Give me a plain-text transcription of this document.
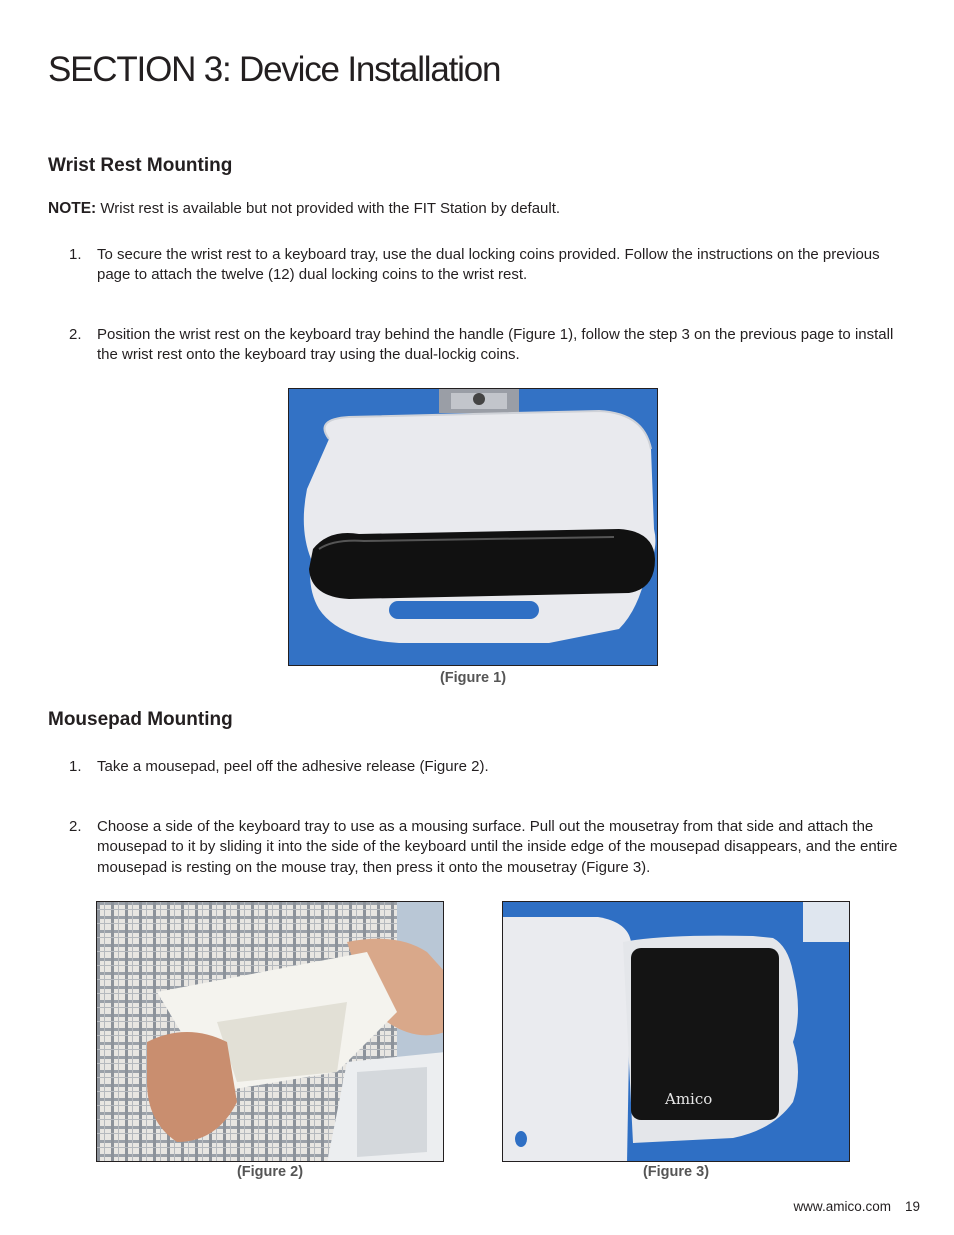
SECTION 3: Device Installation
Wrist Rest Mounting

NOTE: Wrist rest is available but not provided with the FIT Station by default.

1.	To secure the wrist rest to a keyboard tray, use the dual locking coins provided. Follow the instructions on the previous page to attach the twelve (12) dual locking coins to the wrist rest.
2.	Position the wrist rest on the keyboard tray behind the handle (Figure 1), follow the step 3 on the previous page to install the wrist rest onto the keyboard tray using the dual-lockig coins.
(Figure 1)
Mousepad Mounting
1.	Take a mousepad, peel off the adhesive release (Figure 2).
2.	Choose a side of the keyboard tray to use as a mousing surface. Pull out the mousetray from that side and attach the mousepad to it by sliding it into the side of the keyboard until the inside edge of the mousepad disappears, and the entire mousepad is resting on the mouse tray, then press it onto the mousetray (Figure 3).
(Figure 2)
Amico
(Figure 3)
www.amico.com 19
